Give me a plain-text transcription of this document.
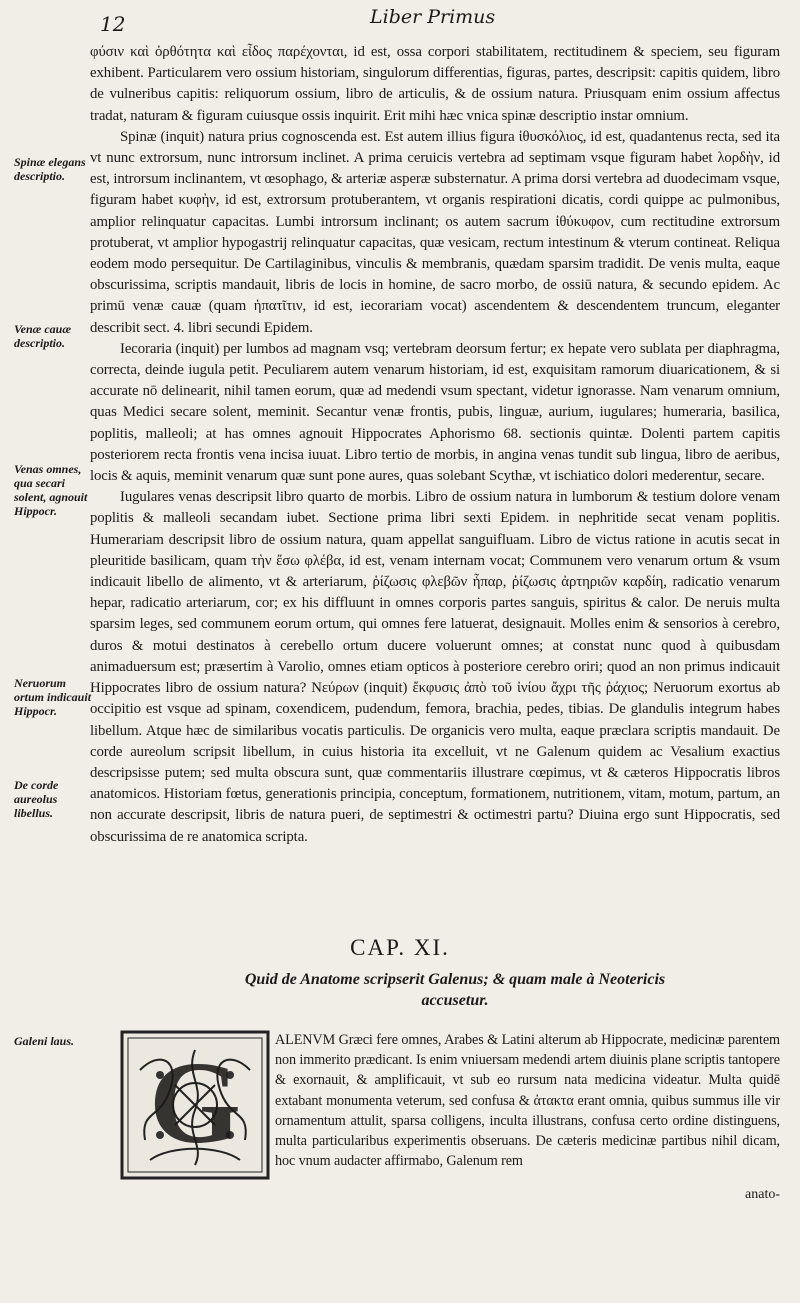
12	Liber Primus
Spinæ elegans descriptio.
Venæ cauæ descriptio.
Venas omnes, qua secari solent, agnouit Hippocr.
Neruorum ortum indicauit Hippocr.
De corde aureolus libellus.
Galeni laus.

φύσιν καὶ ὀρθότητα καὶ εἶδος παρέχονται, id est, ossa corpori stabilitatem, rectitudinem & speciem, seu figuram exhibent. Particularem vero ossium historiam, singulorum differentias, figuras, partes, descripsit: capitis quidem, libro de vulneribus capitis: reliquorum ossium, libro de articulis, & de ossium natura. Priusquam enim ossium affectus tradat, naturam & figuram cuiusque ossis inquirit. Erit mihi hæc vnica spinæ descriptio instar omnium.

Spinæ (inquit) natura prius cognoscenda est. Est autem illius figura ἰθυσκόλιος, id est, quadantenus recta, sed ita vt nunc extrorsum, nunc introrsum inclinet. A prima ceruicis vertebra ad septimam vsque figuram habet λορδὴν, id est, introrsum inclinantem, vt œsophago, & arteriæ asperæ substernatur. A prima dorsi vertebra ad duodecimam vsque, figuram habet κυφὴν, id est, extrorsum protuberantem, vt organis respirationi dicatis, cordi quippe ac pulmonibus, amplior relinquatur capacitas. Lumbi introrsum inclinant; os autem sacrum ἰθύκυφον, cum rectitudine extrorsum protuberat, vt amplior hypogastrij relinquatur capacitas, quæ vesicam, rectum intestinum & vterum contineat. Reliqua eodem modo persequitur. De Cartilaginibus, vinculis & membranis, quædam sparsim tradidit. De venis multa, eaque obscurissima, scriptis mandauit, libris de locis in homine, de sacro morbo, de ossiū natura, & secundo epidem. Ac primū venæ cauæ (quam ἡπατῖτιν, id est, iecorariam vocat) ascendentem & descendentem truncum, eleganter describit sect. 4. libri secundi Epidem.

Iecoraria (inquit) per lumbos ad magnam vsq; vertebram deorsum fertur; ex hepate vero sublata per diaphragma, correcta, deinde iugula petit. Peculiarem autem venarum historiam, id est, exquisitam ramorum diuaricationem, & si accurate nō delinearit, nihil tamen eorum, quæ ad medendi vsum spectant, videtur ignorasse. Nam venarum omnium, quas Medici secare solent, meminit. Secantur venæ frontis, pubis, linguæ, aurium, iugulares; humeraria, basilica, poplitis, malleoli; at has omnes agnouit Hippocrates Aphorismo 68. sectionis quintæ. Dolenti partem capitis posteriorem recta frontis vena incisa iuuat. Libro tertio de morbis, in angina venas tundit sub lingua, libro de aeribus, locis & aquis, meminit venarum quæ sunt pone aures, quas solebant Scythæ, vt ischiatico dolori mederentur, secare.

Iugulares venas descripsit libro quarto de morbis. Libro de ossium natura in lumborum & testium dolore venam poplitis & malleoli secandam iubet. Sectione prima libri sexti Epidem. in nephritide secat venam poplitis. Humerariam descripsit libro de ossium natura, quam appellat sanguifluam. Libro de victus ratione in acutis secat in pleuritide basilicam, quam τὴν ἔσω φλέβα, id est, venam internam vocat; Communem vero venarum ortum & vsum indicauit libello de alimento, vt & arteriarum, ῥίζωσις φλεβῶν ἧπαρ, ῥίζωσις ἀρτηριῶν καρδίη, radicatio venarum hepar, radicatio arteriarum, cor; ex his diffluunt in omnes corporis partes sanguis, spiritus & calor. De neruis multa sparsim leges, sed communem eorum ortum, qui omnes fere latuerat, designauit. Molles enim & sensorios à cerebro, duros & motui destinatos à cerebello ortum ducere voluerunt omnes; at constat nunc quod à quibusdam animaduersum est; præsertim à Varolio, omnes etiam opticos à posteriore cerebro oriri; quod an non primus indicauit Hippocrates libro de ossium natura? Νεύρων (inquit) ἔκφυσις ἀπὸ τοῦ ἰνίου ἄχρι τῆς ῥάχιος; Neruorum exortus ab occipitio est vsque ad spinam, coxendicem, pudendum, femora, brachia, pedes, tibias. De glandulis integrum habes libellum. Atque hæc de similaribus vocatis particulis. De organicis vero multa, eaque præclara scriptis mandauit. De corde aureolum scripsit libellum, in cuius historia ita excelluit, vt ne Galenum quidem ac Vesalium exactius descripsisse putem; sed multa obscura sunt, quæ commentariis illustrare cœpimus, vt & cæteros Hippocratis libros anatomicos. Historiam fœtus, generationis principia, conceptum, formationem, nutritionem, vitam, motum, partum, an non accurate descripsit, libris de natura pueri, de septimestri & octimestri partu? Diuina ergo sunt Hippocratis, sed obscurissima de re anatomica scripta.

CAP. XI.
Quid de Anatome scripserit Galenus; & quam male à Neotericis accusetur.
G ALENVM Græci fere omnes, Arabes & Latini alterum ab Hippocrate, medicinæ parentem non immerito prædicant. Is enim vniuersam medendi artem diuinis plane scriptis tantopere & exornauit, & amplificauit, vt sub eo rursum nata medicina videatur. Multa quidē extabant monumenta veterum, sed confusa & ἀτακτα erant omnia, quibus summus ille vir ornamentum attulit, sparsa colligens, inculta illustrans, confusa certo ordine distinguens, multa particularibus experimentis obseruans. De cæteris medicinæ partibus nihil dicam, hoc vnum audacter affirmabo, Galenum rem

anato-
